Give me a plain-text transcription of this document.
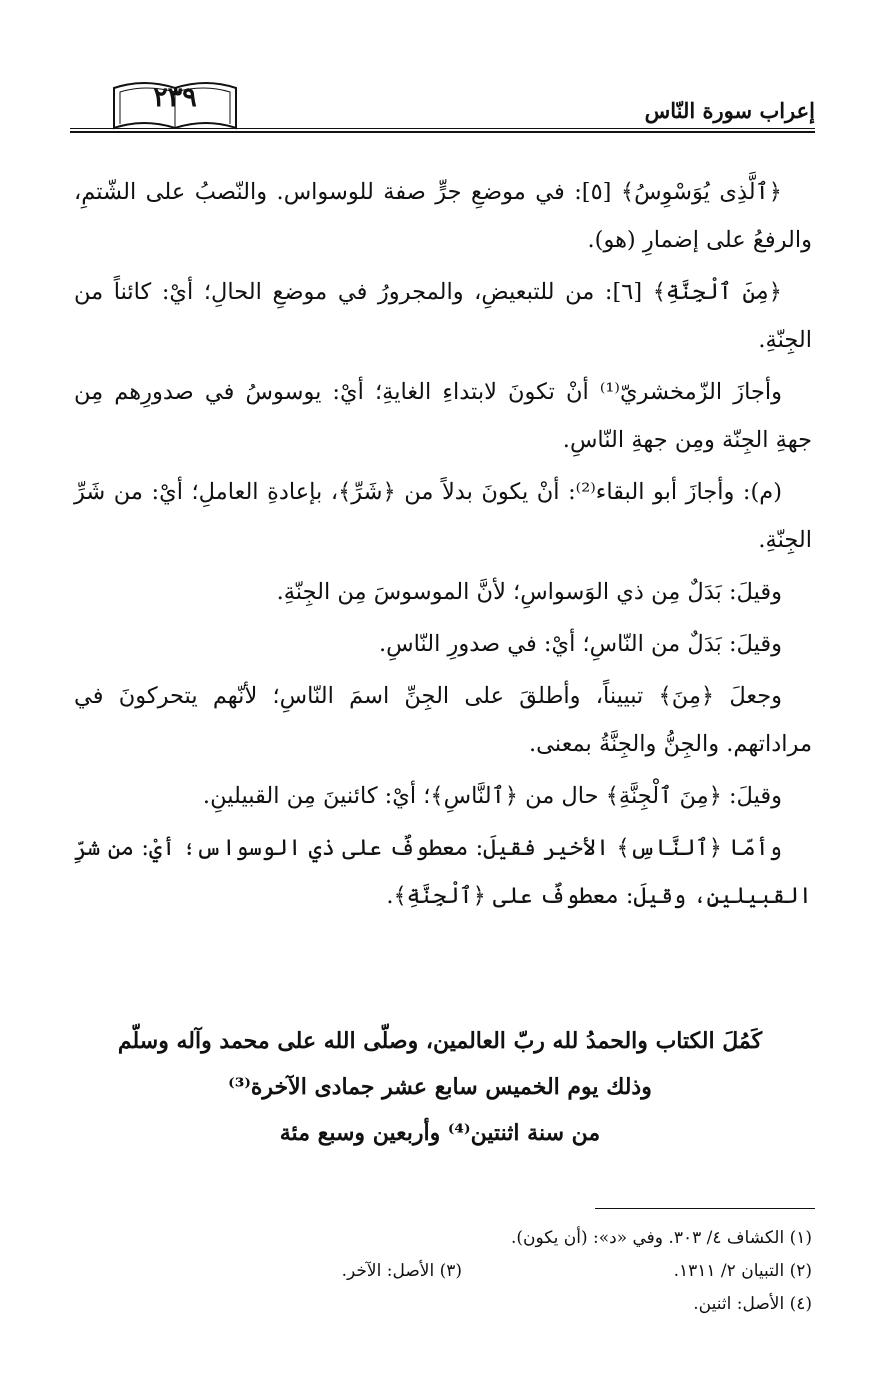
إعراب سورة النّاس
٢٣٩

﴿ٱلَّذِى يُوَسْوِسُ﴾ [٥]: في موضعِ جرٍّ صفة للوسواس. والنّصبُ على الشّتمِ، والرفعُ على إضمارِ (هو).

﴿مِنَ ٱلْجِنَّةِ﴾ [٦]: من للتبعيضِ، والمجرورُ في موضعِ الحالِ؛ أيْ: كائناً من الجِنّةِ.

وأجازَ الزّمخشريّ⁽¹⁾ أنْ تكونَ لابتداءِ الغايةِ؛ أيْ: يوسوسُ في صدورِهم مِن جهةِ الجِنّة ومِن جهةِ النّاسِ.

(م): وأجازَ أبو البقاء⁽²⁾: أنْ يكونَ بدلاً من ﴿شَرِّ﴾، بإعادةِ العاملِ؛ أيْ: من شَرِّ الجِنّةِ.

وقيلَ: بَدَلٌ مِن ذي الوَسواسِ؛ لأنَّ الموسوسَ مِن الجِنّةِ.

وقيلَ: بَدَلٌ من النّاسِ؛ أيْ: في صدورِ النّاسِ.

وجعلَ ﴿مِنَ﴾ تبييناً، وأطلقَ على الجِنِّ اسمَ النّاسِ؛ لأنّهم يتحركونَ في مراداتهم. والجِنُّ والجِنَّةُ بمعنى.

وقيلَ: ﴿مِنَ ٱلْجِنَّةِ﴾ حال من ﴿ٱلنَّاسِ﴾؛ أيْ: كائنينَ مِن القبيلينِ.

وأمّا ﴿ٱلنَّاسِ﴾ الأخير فقيلَ: معطوفٌ على ذي الوسواس؛ أيْ: من شرِّ القبيلينِ، وقيلَ: معطوفٌ على ﴿ٱلْجِنَّةِ﴾.

كَمُلَ الكتاب والحمدُ لله ربّ العالمين، وصلّى الله على محمد وآله وسلّم
وذلك يوم الخميس سابع عشر جمادى الآخرة⁽³⁾
من سنة اثنتين⁽⁴⁾ وأربعين وسبع مئة
(١) الكشاف ٤/ ٣٠٣. وفي «د»: (أن يكون).
(٢) التبيان ٢/ ١٣١١.
(٣) الأصل: الآخر.
(٤) الأصل: اثنين.
